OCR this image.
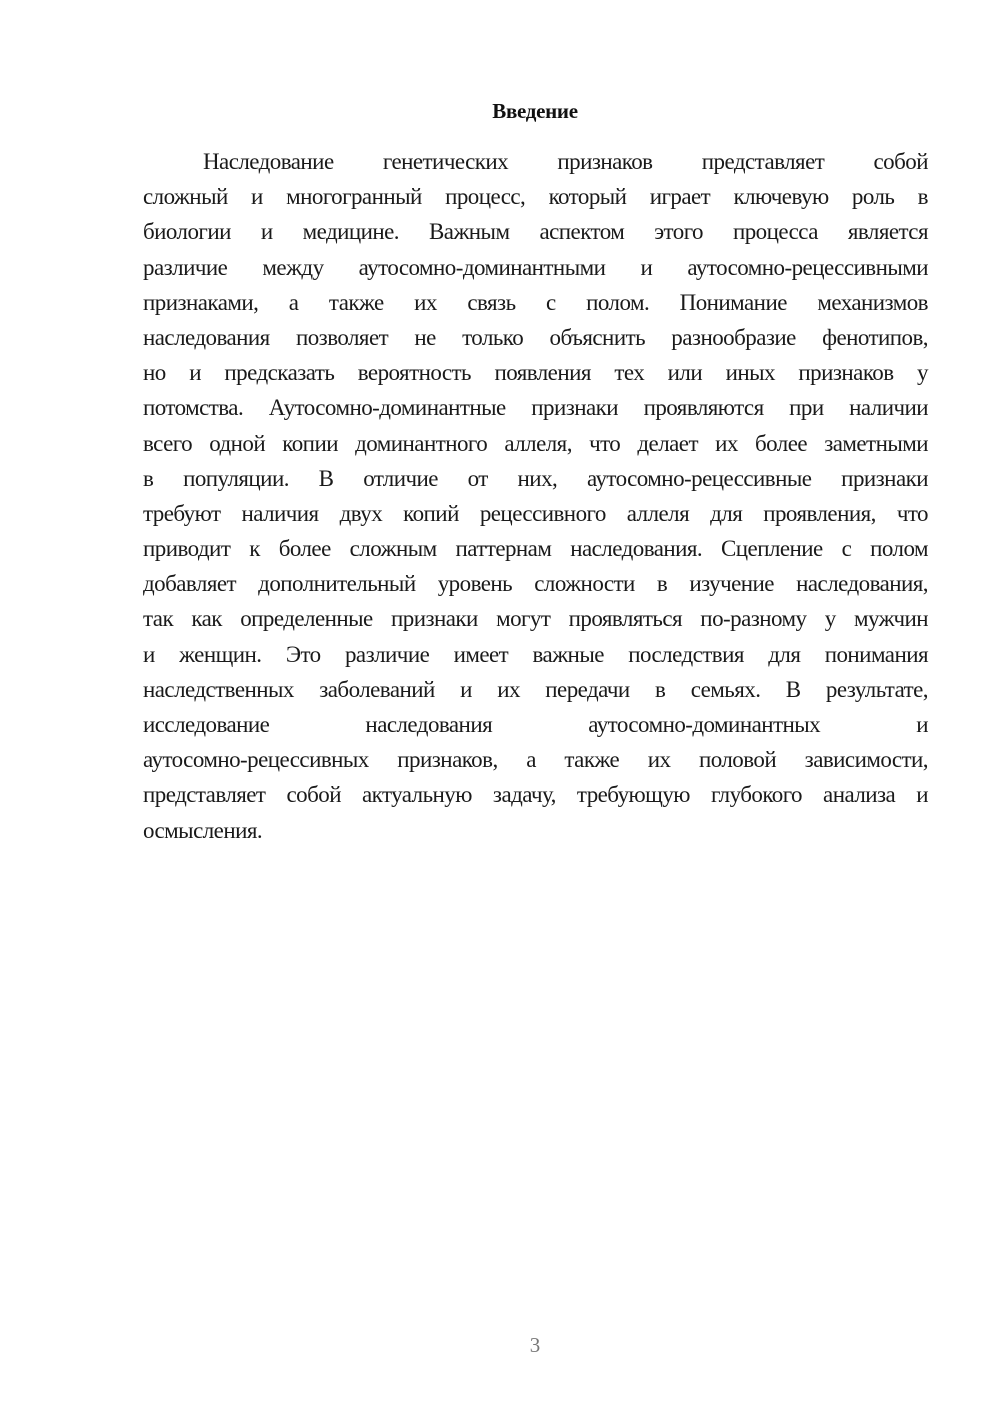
Введение
Наследование генетических признаков представляет собой
сложный и многогранный процесс, который играет ключевую роль в
биологии и медицине. Важным аспектом этого процесса является
различие между аутосомно-доминантными и аутосомно-рецессивными
признаками, а также их связь с полом. Понимание механизмов
наследования позволяет не только объяснить разнообразие фенотипов,
но и предсказать вероятность появления тех или иных признаков у
потомства. Аутосомно-доминантные признаки проявляются при наличии
всего одной копии доминантного аллеля, что делает их более заметными
в популяции. В отличие от них, аутосомно-рецессивные признаки
требуют наличия двух копий рецессивного аллеля для проявления, что
приводит к более сложным паттернам наследования. Сцепление с полом
добавляет дополнительный уровень сложности в изучение наследования,
так как определенные признаки могут проявляться по-разному у мужчин
и женщин. Это различие имеет важные последствия для понимания
наследственных заболеваний и их передачи в семьях. В результате,
исследование наследования аутосомно-доминантных и
аутосомно-рецессивных признаков, а также их половой зависимости,
представляет собой актуальную задачу, требующую глубокого анализа и
осмысления.
3
